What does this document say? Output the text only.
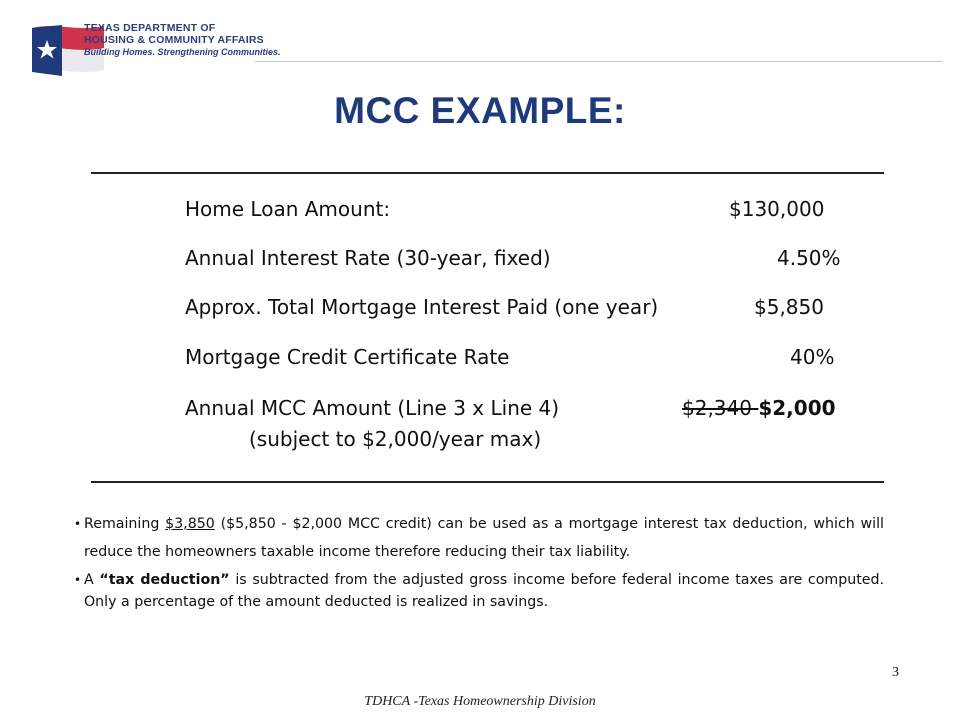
TEXAS DEPARTMENT OF
HOUSING & COMMUNITY AFFAIRS
Building Homes. Strengthening Communities.
MCC EXAMPLE:
Home Loan Amount:	$130,000
Annual Interest Rate (30-year, fixed)	4.50%
Approx. Total Mortgage Interest Paid (one year)	$5,850
Mortgage Credit Certificate Rate	40%
Annual MCC Amount (Line 3 x Line 4)	$2,340 $2,000
(subject to $2,000/year max)
• Remaining $3,850 ($5,850 - $2,000 MCC credit) can be used as a mortgage interest tax deduction, which will reduce the homeowners taxable income therefore reducing their tax liability.
• A “tax deduction” is subtracted from the adjusted gross income before federal income taxes are computed. Only a percentage of the amount deducted is realized in savings.
3
TDHCA -Texas Homeownership Division
